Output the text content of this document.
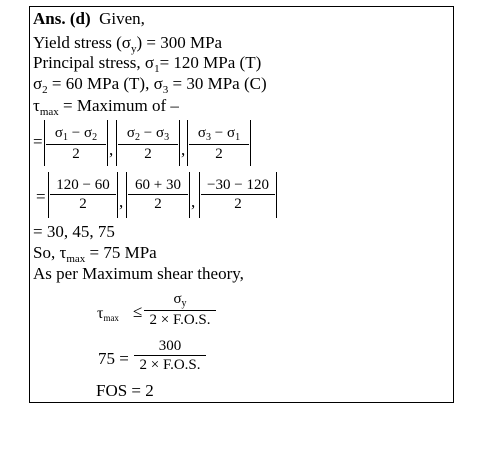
Ans. (d) Given,
Yield stress $(\sigma_y) = 300$ MPa
Principal stress, $\sigma_1= 120$ MPa (T)
$\sigma_2 = 60$ MPa (T), $\sigma_3 = 30$ MPa (C)
$\tau_{max}$ = Maximum of –
= $\sigma_1 - \sigma_2$
2	,
$\sigma_2 - \sigma_3$
2	,
$\sigma_3 - \sigma_1$
2
=
120 − 60
2	,
60 + 30
2	,
−30 − 120
2
= 30, 45, 75
So, $\tau_{max} = 75$ MPa
As per Maximum shear theory,
τmax ≤
$\sigma_y$
2 × F.O.S.
75 =
300
2 × F.O.S.
FOS = 2
